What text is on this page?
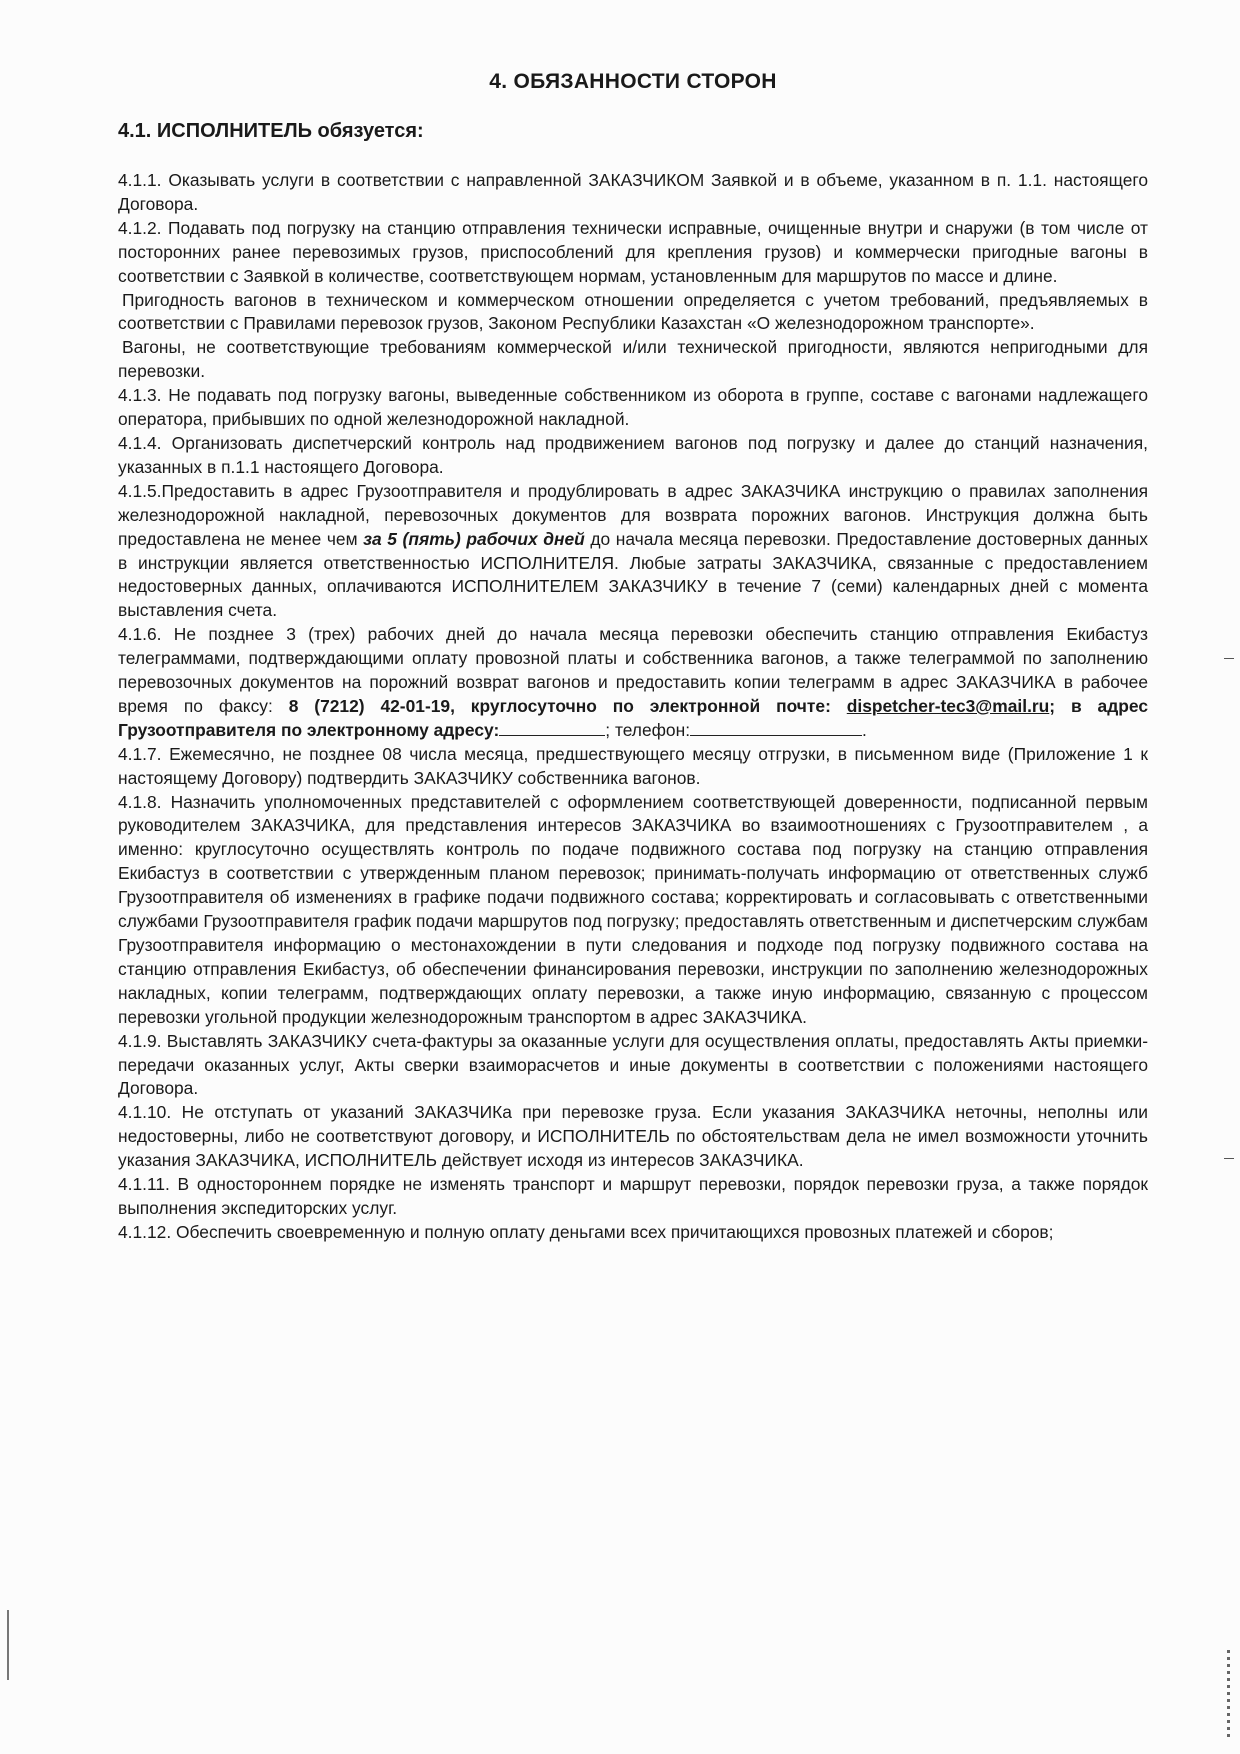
4. ОБЯЗАННОСТИ СТОРОН
4.1. ИСПОЛНИТЕЛЬ обязуется:

4.1.1. Оказывать услуги в соответствии с направленной ЗАКАЗЧИКОМ Заявкой и в объеме, указанном в п. 1.1. настоящего Договора.

4.1.2. Подавать под погрузку на станцию отправления технически исправные, очищенные внутри и снаружи (в том числе от посторонних ранее перевозимых грузов, приспособлений для крепления грузов) и коммерчески пригодные вагоны в соответствии с Заявкой в количестве, соответствующем нормам, установленным для маршрутов по массе и длине.

Пригодность вагонов в техническом и коммерческом отношении определяется с учетом требований, предъявляемых в соответствии с Правилами перевозок грузов, Законом Республики Казахстан «О железнодорожном транспорте».

Вагоны, не соответствующие требованиям коммерческой и/или технической пригодности, являются непригодными для перевозки.

4.1.3. Не подавать под погрузку вагоны, выведенные собственником из оборота в группе, составе с вагонами надлежащего оператора, прибывших по одной железнодорожной накладной.

4.1.4. Организовать диспетчерский контроль над продвижением вагонов под погрузку и далее до станций назначения, указанных в п.1.1 настоящего Договора.

4.1.5.Предоставить в адрес Грузоотправителя и продублировать в адрес ЗАКАЗЧИКА инструкцию о правилах заполнения железнодорожной накладной, перевозочных документов для возврата порожних вагонов. Инструкция должна быть предоставлена не менее чем за 5 (пять) рабочих дней до начала месяца перевозки. Предоставление достоверных данных в инструкции является ответственностью ИСПОЛНИТЕЛЯ. Любые затраты ЗАКАЗЧИКА, связанные с предоставлением недостоверных данных, оплачиваются ИСПОЛНИТЕЛЕМ ЗАКАЗЧИКУ в течение 7 (семи) календарных дней с момента выставления счета.

4.1.6. Не позднее 3 (трех) рабочих дней до начала месяца перевозки обеспечить станцию отправления Екибастуз телеграммами, подтверждающими оплату провозной платы и собственника вагонов, а также телеграммой по заполнению перевозочных документов на порожний возврат вагонов и предоставить копии телеграмм в адрес ЗАКАЗЧИКА в рабочее время по факсу: 8 (7212) 42-01-19, круглосуточно по электронной почте: dispetcher-tec3@mail.ru; в адрес Грузоотправителя по электронному адресу:	; телефон:	.

4.1.7. Ежемесячно, не позднее 08 числа месяца, предшествующего месяцу отгрузки, в письменном виде (Приложение 1 к настоящему Договору) подтвердить ЗАКАЗЧИКУ собственника вагонов.

4.1.8. Назначить уполномоченных представителей с оформлением соответствующей доверенности, подписанной первым руководителем ЗАКАЗЧИКА, для представления интересов ЗАКАЗЧИКА во взаимоотношениях с Грузоотправителем , а именно: круглосуточно осуществлять контроль по подаче подвижного состава под погрузку на станцию отправления Екибастуз в соответствии с утвержденным планом перевозок; принимать-получать информацию от ответственных служб Грузоотправителя об изменениях в графике подачи подвижного состава; корректировать и согласовывать с ответственными службами Грузоотправителя график подачи маршрутов под погрузку; предоставлять ответственным и диспетчерским службам Грузоотправителя информацию о местонахождении в пути следования и подходе под погрузку подвижного состава на станцию отправления Екибастуз, об обеспечении финансирования перевозки, инструкции по заполнению железнодорожных накладных, копии телеграмм, подтверждающих оплату перевозки, а также иную информацию, связанную с процессом перевозки угольной продукции железнодорожным транспортом в адрес ЗАКАЗЧИКА.

4.1.9. Выставлять ЗАКАЗЧИКУ счета-фактуры за оказанные услуги для осуществления оплаты, предоставлять Акты приемки-передачи оказанных услуг, Акты сверки взаиморасчетов и иные документы в соответствии с положениями настоящего Договора.

4.1.10. Не отступать от указаний ЗАКАЗЧИКа при перевозке груза. Если указания ЗАКАЗЧИКА неточны, неполны или недостоверны, либо не соответствуют договору, и ИСПОЛНИТЕЛЬ по обстоятельствам дела не имел возможности уточнить указания ЗАКАЗЧИКА, ИСПОЛНИТЕЛЬ действует исходя из интересов ЗАКАЗЧИКА.

4.1.11. В одностороннем порядке не изменять транспорт и маршрут перевозки, порядок перевозки груза, а также порядок выполнения экспедиторских услуг.

4.1.12. Обеспечить своевременную и полную оплату деньгами всех причитающихся провозных платежей и сборов;
